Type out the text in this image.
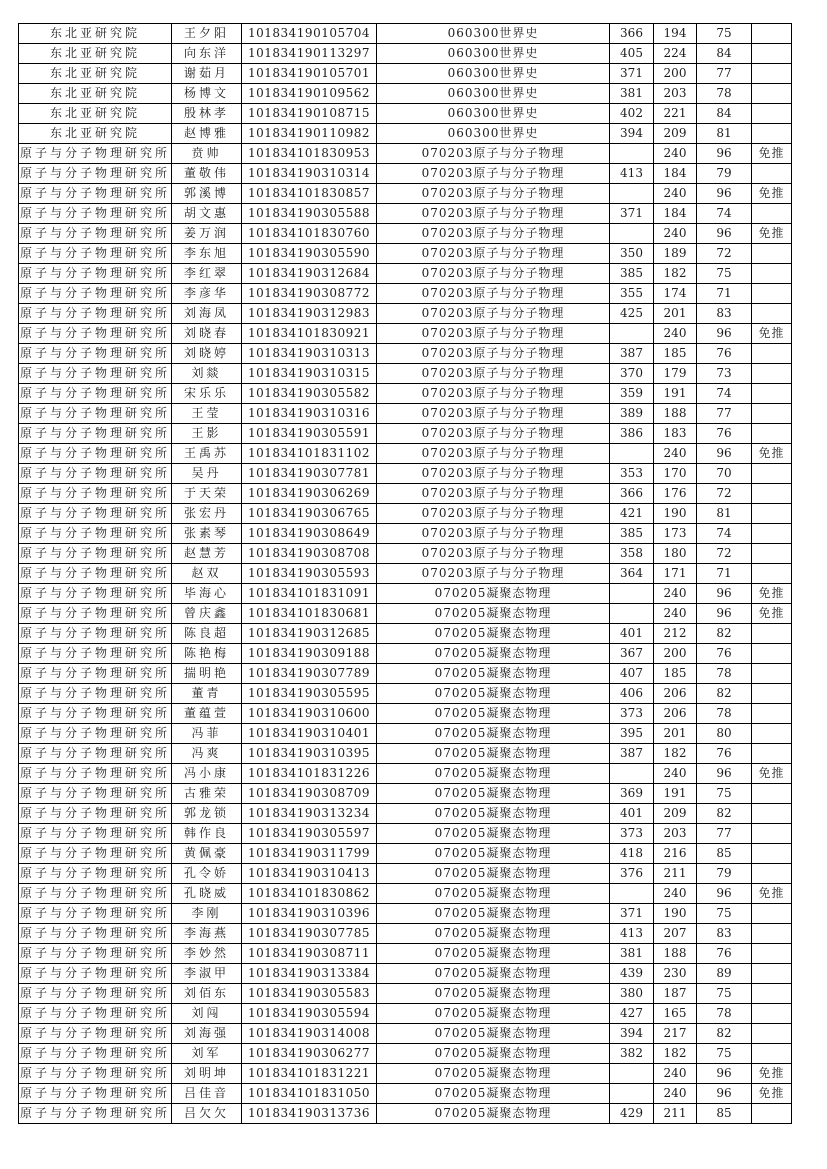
东北亚研究院	王夕阳	101834190105704	060300世界史	366	194	75	
东北亚研究院	向东洋	101834190113297	060300世界史	405	224	84	
东北亚研究院	谢茹月	101834190105701	060300世界史	371	200	77	
东北亚研究院	杨博文	101834190109562	060300世界史	381	203	78	
东北亚研究院	殷林孝	101834190108715	060300世界史	402	221	84	
东北亚研究院	赵博雅	101834190110982	060300世界史	394	209	81	
原子与分子物理研究所	贲帅	101834101830953	070203原子与分子物理		240	96	免推
原子与分子物理研究所	董敬伟	101834190310314	070203原子与分子物理	413	184	79	
原子与分子物理研究所	郭溪博	101834101830857	070203原子与分子物理		240	96	免推
原子与分子物理研究所	胡文惠	101834190305588	070203原子与分子物理	371	184	74	
原子与分子物理研究所	姜万润	101834101830760	070203原子与分子物理		240	96	免推
原子与分子物理研究所	李东旭	101834190305590	070203原子与分子物理	350	189	72	
原子与分子物理研究所	李红翠	101834190312684	070203原子与分子物理	385	182	75	
原子与分子物理研究所	李彦华	101834190308772	070203原子与分子物理	355	174	71	
原子与分子物理研究所	刘海凤	101834190312983	070203原子与分子物理	425	201	83	
原子与分子物理研究所	刘晓春	101834101830921	070203原子与分子物理		240	96	免推
原子与分子物理研究所	刘晓婷	101834190310313	070203原子与分子物理	387	185	76	
原子与分子物理研究所	刘燚	101834190310315	070203原子与分子物理	370	179	73	
原子与分子物理研究所	宋乐乐	101834190305582	070203原子与分子物理	359	191	74	
原子与分子物理研究所	王莹	101834190310316	070203原子与分子物理	389	188	77	
原子与分子物理研究所	王影	101834190305591	070203原子与分子物理	386	183	76	
原子与分子物理研究所	王禹苏	101834101831102	070203原子与分子物理		240	96	免推
原子与分子物理研究所	吴丹	101834190307781	070203原子与分子物理	353	170	70	
原子与分子物理研究所	于天荣	101834190306269	070203原子与分子物理	366	176	72	
原子与分子物理研究所	张宏丹	101834190306765	070203原子与分子物理	421	190	81	
原子与分子物理研究所	张素琴	101834190308649	070203原子与分子物理	385	173	74	
原子与分子物理研究所	赵慧芳	101834190308708	070203原子与分子物理	358	180	72	
原子与分子物理研究所	赵双	101834190305593	070203原子与分子物理	364	171	71	
原子与分子物理研究所	毕海心	101834101831091	070205凝聚态物理		240	96	免推
原子与分子物理研究所	曾庆鑫	101834101830681	070205凝聚态物理		240	96	免推
原子与分子物理研究所	陈良超	101834190312685	070205凝聚态物理	401	212	82	
原子与分子物理研究所	陈艳梅	101834190309188	070205凝聚态物理	367	200	76	
原子与分子物理研究所	揣明艳	101834190307789	070205凝聚态物理	407	185	78	
原子与分子物理研究所	董青	101834190305595	070205凝聚态物理	406	206	82	
原子与分子物理研究所	董蕴萱	101834190310600	070205凝聚态物理	373	206	78	
原子与分子物理研究所	冯菲	101834190310401	070205凝聚态物理	395	201	80	
原子与分子物理研究所	冯爽	101834190310395	070205凝聚态物理	387	182	76	
原子与分子物理研究所	冯小康	101834101831226	070205凝聚态物理		240	96	免推
原子与分子物理研究所	古雅荣	101834190308709	070205凝聚态物理	369	191	75	
原子与分子物理研究所	郭龙锁	101834190313234	070205凝聚态物理	401	209	82	
原子与分子物理研究所	韩作良	101834190305597	070205凝聚态物理	373	203	77	
原子与分子物理研究所	黄佩豪	101834190311799	070205凝聚态物理	418	216	85	
原子与分子物理研究所	孔令娇	101834190310413	070205凝聚态物理	376	211	79	
原子与分子物理研究所	孔晓威	101834101830862	070205凝聚态物理		240	96	免推
原子与分子物理研究所	李刚	101834190310396	070205凝聚态物理	371	190	75	
原子与分子物理研究所	李海燕	101834190307785	070205凝聚态物理	413	207	83	
原子与分子物理研究所	李妙然	101834190308711	070205凝聚态物理	381	188	76	
原子与分子物理研究所	李淑甲	101834190313384	070205凝聚态物理	439	230	89	
原子与分子物理研究所	刘佰东	101834190305583	070205凝聚态物理	380	187	75	
原子与分子物理研究所	刘闯	101834190305594	070205凝聚态物理	427	165	78	
原子与分子物理研究所	刘海强	101834190314008	070205凝聚态物理	394	217	82	
原子与分子物理研究所	刘军	101834190306277	070205凝聚态物理	382	182	75	
原子与分子物理研究所	刘明坤	101834101831221	070205凝聚态物理		240	96	免推
原子与分子物理研究所	吕佳音	101834101831050	070205凝聚态物理		240	96	免推
原子与分子物理研究所	吕欠欠	101834190313736	070205凝聚态物理	429	211	85	
